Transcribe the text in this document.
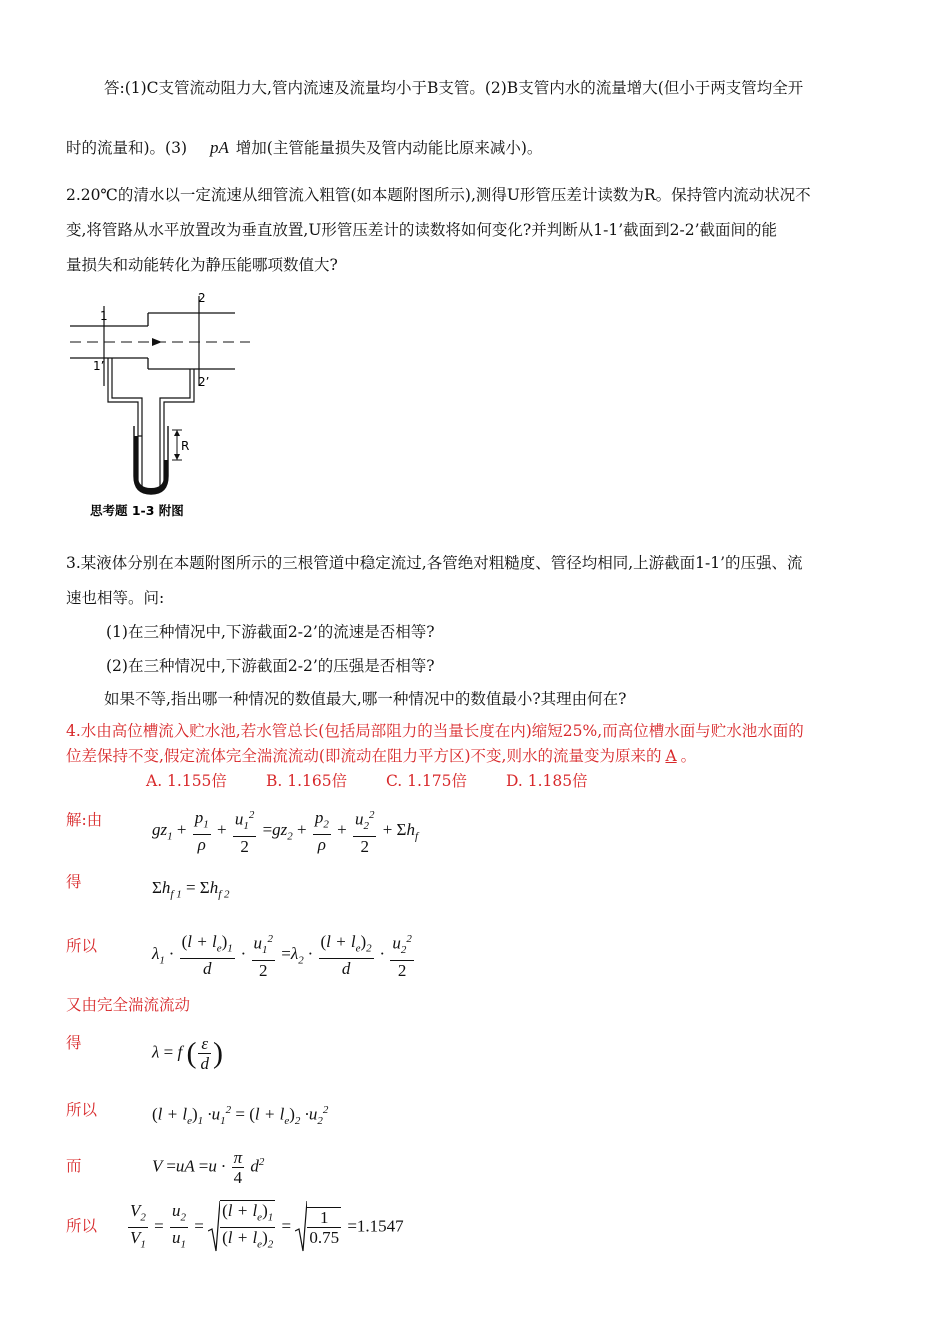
答:(1)C支管流动阻力大,管内流速及流量均小于B支管。(2)B支管内水的流量增大(但小于两支管均全开
时的流量和)。(3) pA 增加(主管能量损失及管内动能比原来减小)。
2.20℃的清水以一定流速从细管流入粗管(如本题附图所示),测得U形管压差计读数为R。保持管内流动状况不
变,将管路从水平放置改为垂直放置,U形管压差计的读数将如何变化?并判断从1-1’截面到2-2’截面间的能
量损失和动能转化为静压能哪项数值大?
1
1’
2
2’
R
思考题 1-3 附图
3.某液体分别在本题附图所示的三根管道中稳定流过,各管绝对粗糙度、管径均相同,上游截面1-1’的压强、流
速也相等。问:
(1)在三种情况中,下游截面2-2’的流速是否相等?
(2)在三种情况中,下游截面2-2’的压强是否相等?
如果不等,指出哪一种情况的数值最大,哪一种情况中的数值最小?其理由何在?
4.水由高位槽流入贮水池,若水管总长(包括局部阻力的当量长度在内)缩短25%,而高位槽水面与贮水池水面的
位差保持不变,假定流体完全湍流流动(即流动在阻力平方区)不变,则水的流量变为原来的 A 。
A. 1.155倍	B. 1.165倍	C. 1.175倍	D. 1.185倍
解:由
得
所以
又由完全湍流流动
得
所以
而
所以
$gz_1 + \frac{p_1}{\rho} + \frac{u_1^2}{2} =gz_2 + \frac{p_2}{\rho} + \frac{u_2^2}{2} + \Sigma h_f$
$\Sigma h_{f 1} = \Sigma h_{f 2}$
$\lambda_1 \cdot \frac{(l + l_e)_1}{d} \cdot \frac{u_1^2}{2} =\lambda_2 \cdot \frac{(l + l_e)_2}{d} \cdot \frac{u_2^2}{2}$
λ = f ( $\frac{\varepsilon}{d}$ )
$(l + l_e)_1 \cdot u_1^2 = (l + l_e)_2 \cdot u_2^2$
$V =uA =u \cdot \frac{\pi}{4} d^2$
$\frac{V_2}{V_1} = \frac{u_2}{u_1} = \frac{(l + l_e)_1}{(l + l_e)_2} = \frac{1}{0.75} =1.1547$
